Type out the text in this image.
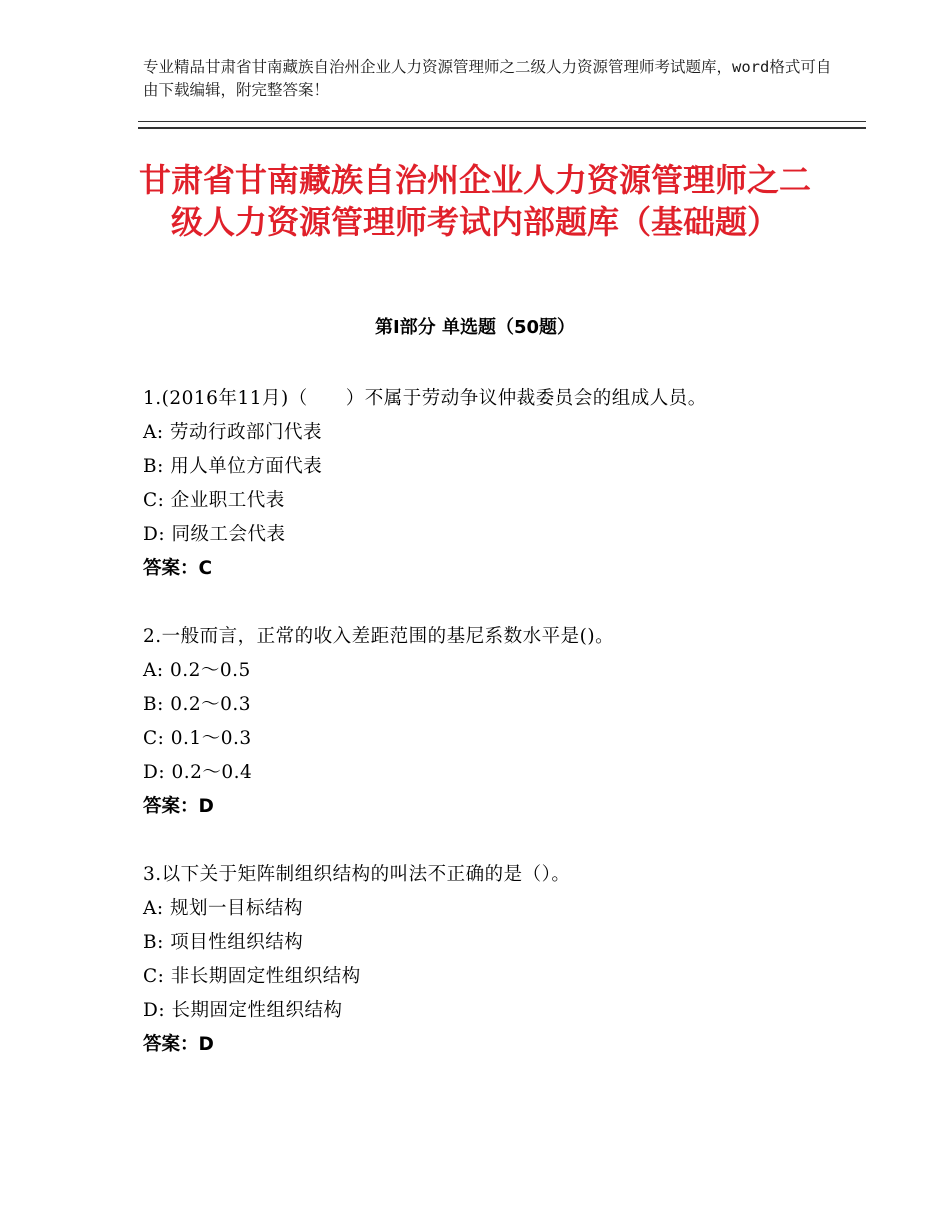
专业精品甘肃省甘南藏族自治州企业人力资源管理师之二级人力资源管理师考试题库，word格式可自由下载编辑，附完整答案！
甘肃省甘南藏族自治州企业人力资源管理师之二级人力资源管理师考试内部题库（基础题）
第Ⅰ部分 单选题（50题）
1.(2016年11月)（　　）不属于劳动争议仲裁委员会的组成人员。
A: 劳动行政部门代表
B: 用人单位方面代表
C: 企业职工代表
D: 同级工会代表
答案：C
2.一般而言，正常的收入差距范围的基尼系数水平是()。
A: 0.2～0.5
B: 0.2～0.3
C: 0.1～0.3
D: 0.2～0.4
答案：D
3.以下关于矩阵制组织结构的叫法不正确的是（）。
A: 规划一目标结构
B: 项目性组织结构
C: 非长期固定性组织结构
D: 长期固定性组织结构
答案：D
